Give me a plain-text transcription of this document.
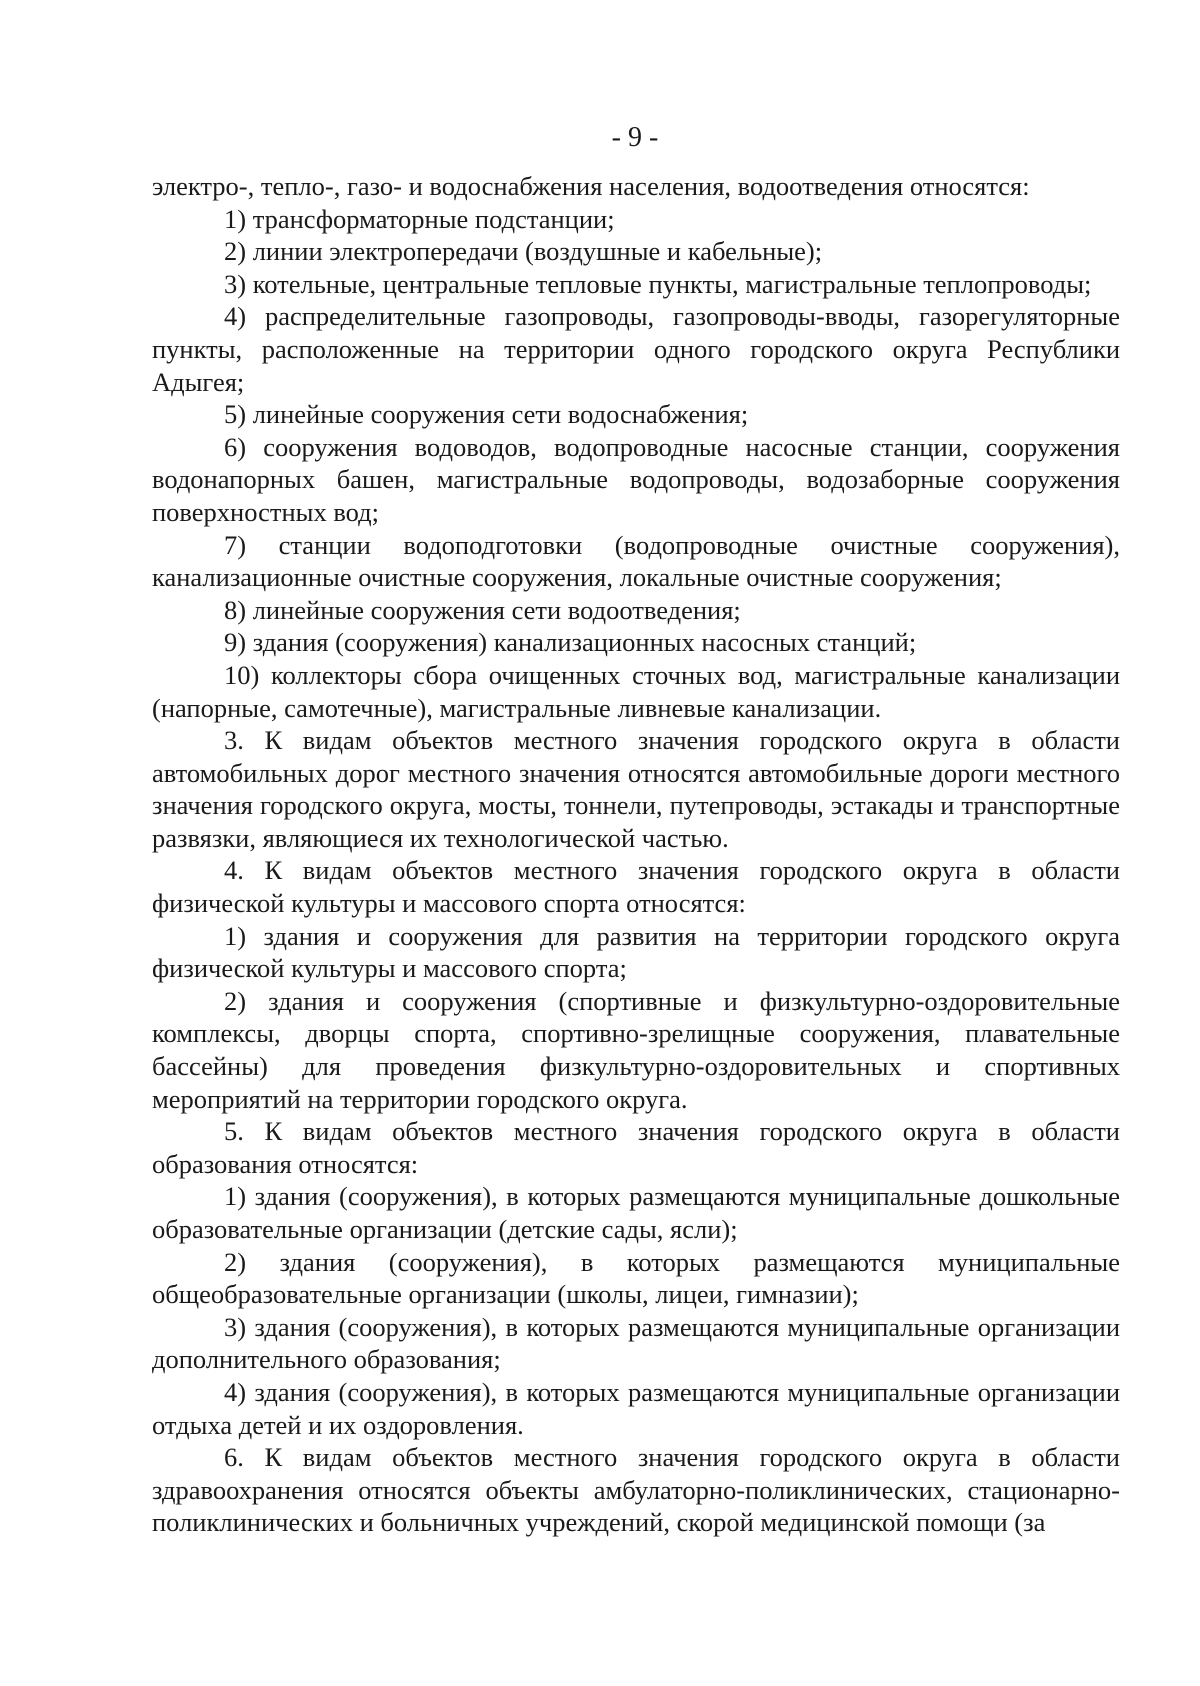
- 9 -

электро-, тепло-, газо- и водоснабжения населения, водоотведения относятся:

1) трансформаторные подстанции;

2) линии электропередачи (воздушные и кабельные);

3) котельные, центральные тепловые пункты, магистральные теплопроводы;

4) распределительные газопроводы, газопроводы-вводы, газорегуляторные пункты, расположенные на территории одного городского округа Республики Адыгея;

5) линейные сооружения сети водоснабжения;

6) сооружения водоводов, водопроводные насосные станции, сооружения водонапорных башен, магистральные водопроводы, водозаборные сооружения поверхностных вод;

7) станции водоподготовки (водопроводные очистные сооружения), канализационные очистные сооружения, локальные очистные сооружения;

8) линейные сооружения сети водоотведения;

9) здания (сооружения) канализационных насосных станций;

10) коллекторы сбора очищенных сточных вод, магистральные канализации (напорные, самотечные), магистральные ливневые канализации.

3. К видам объектов местного значения городского округа в области автомобильных дорог местного значения относятся автомобильные дороги местного значения городского округа, мосты, тоннели, путепроводы, эстакады и транспортные развязки, являющиеся их технологической частью.

4. К видам объектов местного значения городского округа в области физической культуры и массового спорта относятся:

1) здания и сооружения для развития на территории городского округа физической культуры и массового спорта;

2) здания и сооружения (спортивные и физкультурно-оздоровительные комплексы, дворцы спорта, спортивно-зрелищные сооружения, плавательные бассейны) для проведения физкультурно-оздоровительных и спортивных мероприятий на территории городского округа.

5. К видам объектов местного значения городского округа в области образования относятся:

1) здания (сооружения), в которых размещаются муниципальные дошкольные образовательные организации (детские сады, ясли);

2) здания (сооружения), в которых размещаются муниципальные общеобразовательные организации (школы, лицеи, гимназии);

3) здания (сооружения), в которых размещаются муниципальные организации дополнительного образования;

4) здания (сооружения), в которых размещаются муниципальные организации отдыха детей и их оздоровления.

6. К видам объектов местного значения городского округа в области здравоохранения относятся объекты амбулаторно-поликлинических, стационарно-поликлинических и больничных учреждений, скорой медицинской помощи (за
